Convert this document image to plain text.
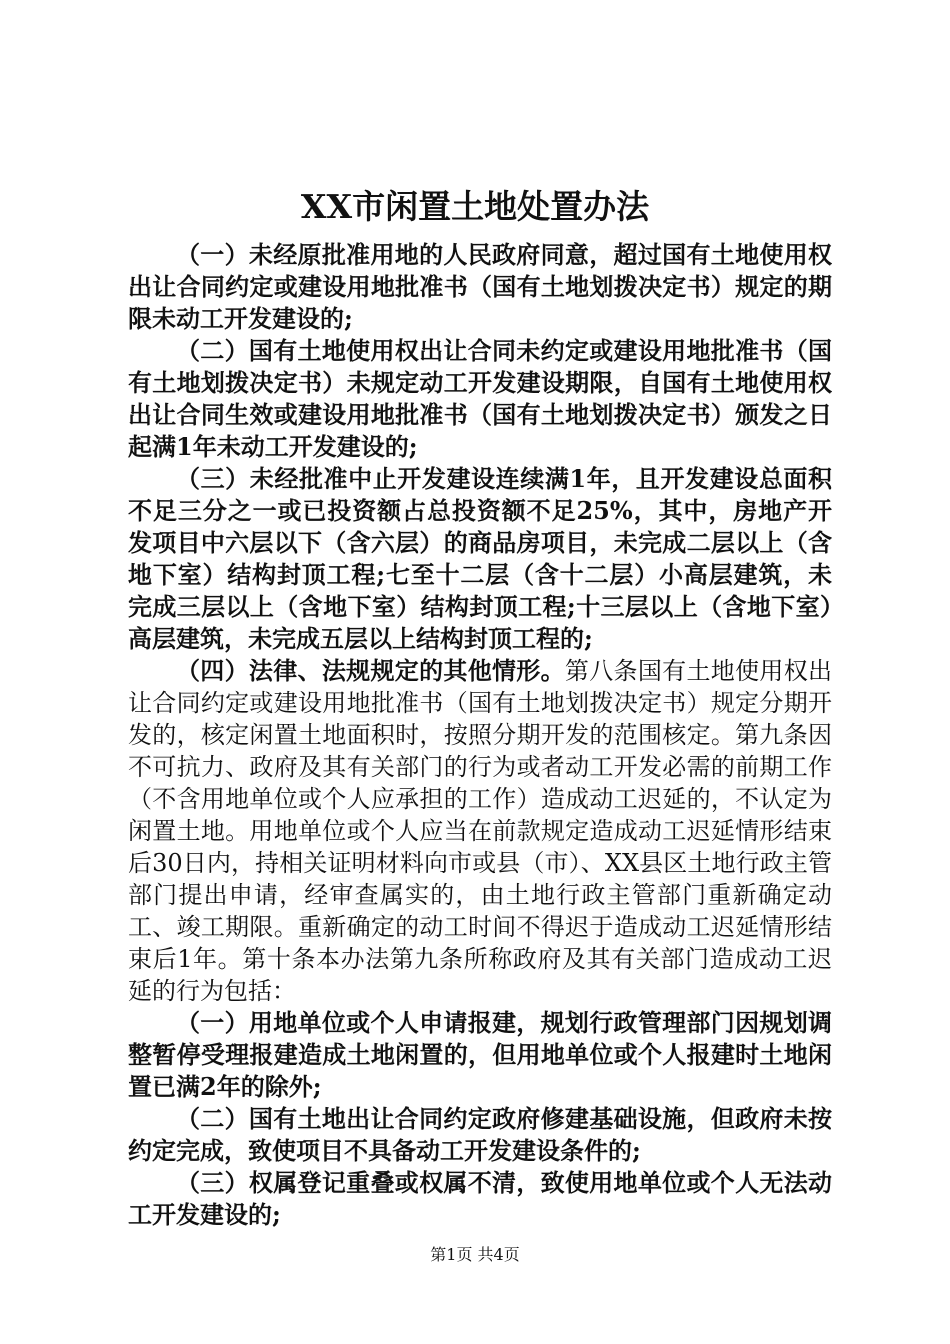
XX市闲置土地处置办法

（一）未经原批准用地的人民政府同意，超过国有土地使用权出让合同约定或建设用地批准书（国有土地划拨决定书）规定的期限未动工开发建设的;

（二）国有土地使用权出让合同未约定或建设用地批准书（国有土地划拨决定书）未规定动工开发建设期限，自国有土地使用权出让合同生效或建设用地批准书（国有土地划拨决定书）颁发之日起满1年未动工开发建设的;

（三）未经批准中止开发建设连续满1年，且开发建设总面积不足三分之一或已投资额占总投资额不足25%，其中，房地产开发项目中六层以下（含六层）的商品房项目，未完成二层以上（含地下室）结构封顶工程;七至十二层（含十二层）小高层建筑，未完成三层以上（含地下室）结构封顶工程;十三层以上（含地下室）高层建筑，未完成五层以上结构封顶工程的;

（四）法律、法规规定的其他情形。第八条国有土地使用权出让合同约定或建设用地批准书（国有土地划拨决定书）规定分期开发的，核定闲置土地面积时，按照分期开发的范围核定。第九条因不可抗力、政府及其有关部门的行为或者动工开发必需的前期工作（不含用地单位或个人应承担的工作）造成动工迟延的，不认定为闲置土地。用地单位或个人应当在前款规定造成动工迟延情形结束后30日内，持相关证明材料向市或县（市）、XX县区土地行政主管部门提出申请，经审查属实的，由土地行政主管部门重新确定动工、竣工期限。重新确定的动工时间不得迟于造成动工迟延情形结束后1年。第十条本办法第九条所称政府及其有关部门造成动工迟延的行为包括：

（一）用地单位或个人申请报建，规划行政管理部门因规划调整暂停受理报建造成土地闲置的，但用地单位或个人报建时土地闲置已满2年的除外;

（二）国有土地出让合同约定政府修建基础设施，但政府未按约定完成，致使项目不具备动工开发建设条件的;

（三）权属登记重叠或权属不清，致使用地单位或个人无法动工开发建设的;

第1页 共4页
